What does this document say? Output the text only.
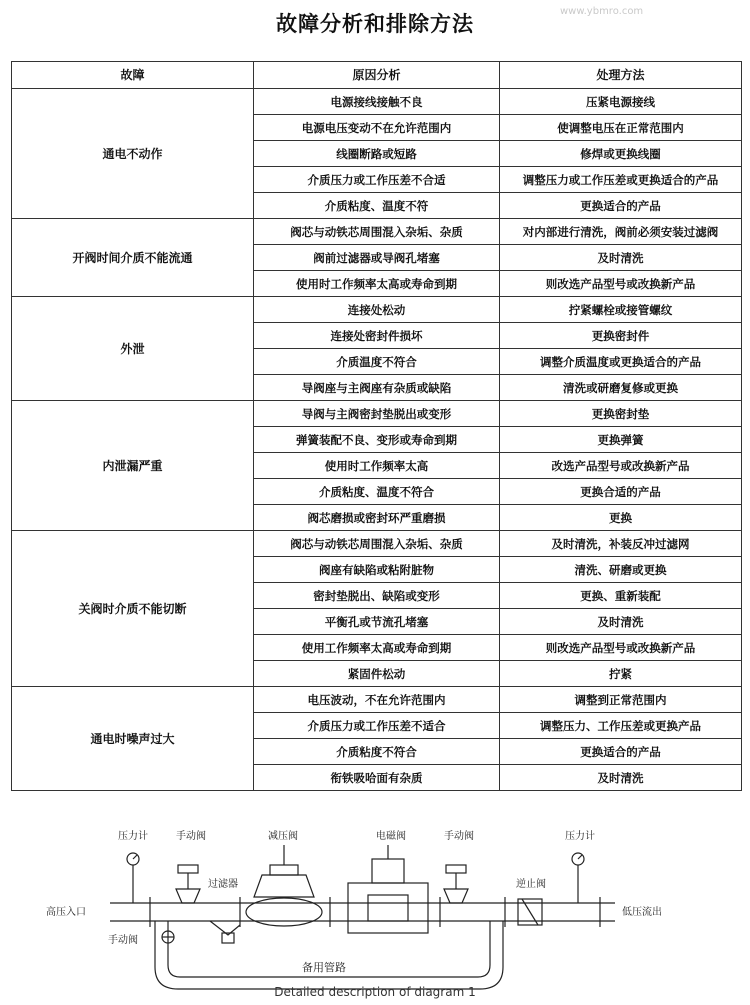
故障分析和排除方法
www.ybmro.com
故障	原因分析	处理方法
通电不动作	电源接线接触不良	压紧电源接线
	电源电压变动不在允许范围内	使调整电压在正常范围内
	线圈断路或短路	修焊或更换线圈
	介质压力或工作压差不合适	调整压力或工作压差或更换适合的产品
	介质粘度、温度不符	更换适合的产品
开阀时间介质不能流通	阀芯与动铁芯周围混入杂垢、杂质	对内部进行清洗，阀前必须安装过滤阀
	阀前过滤器或导阀孔堵塞	及时清洗
	使用时工作频率太高或寿命到期	则改选产品型号或改换新产品
外泄	连接处松动	拧紧螺栓或接管螺纹
	连接处密封件损坏	更换密封件
	介质温度不符合	调整介质温度或更换适合的产品
	导阀座与主阀座有杂质或缺陷	清洗或研磨复修或更换
内泄漏严重	导阀与主阀密封垫脱出或变形	更换密封垫
	弹簧装配不良、变形或寿命到期	更换弹簧
	使用时工作频率太高	改选产品型号或改换新产品
	介质粘度、温度不符合	更换合适的产品
	阀芯磨损或密封环严重磨损	更换
关阀时介质不能切断	阀芯与动铁芯周围混入杂垢、杂质	及时清洗，补装反冲过滤网
	阀座有缺陷或粘附脏物	清洗、研磨或更换
	密封垫脱出、缺陷或变形	更换、重新装配
	平衡孔或节流孔堵塞	及时清洗
	使用工作频率太高或寿命到期	则改选产品型号或改换新产品
	紧固件松动	拧紧
通电时噪声过大	电压波动，不在允许范围内	调整到正常范围内
	介质压力或工作压差不适合	调整压力、工作压差或更换产品
	介质粘度不符合	更换适合的产品
	衔铁吸哈面有杂质	及时清洗
压力计	手动阀
过滤器
减压阀	电磁阀	手动阀
逆止阀
压力计
高压入口	低压流出
手动阀
备用管路
Detailed description of diagram 1
